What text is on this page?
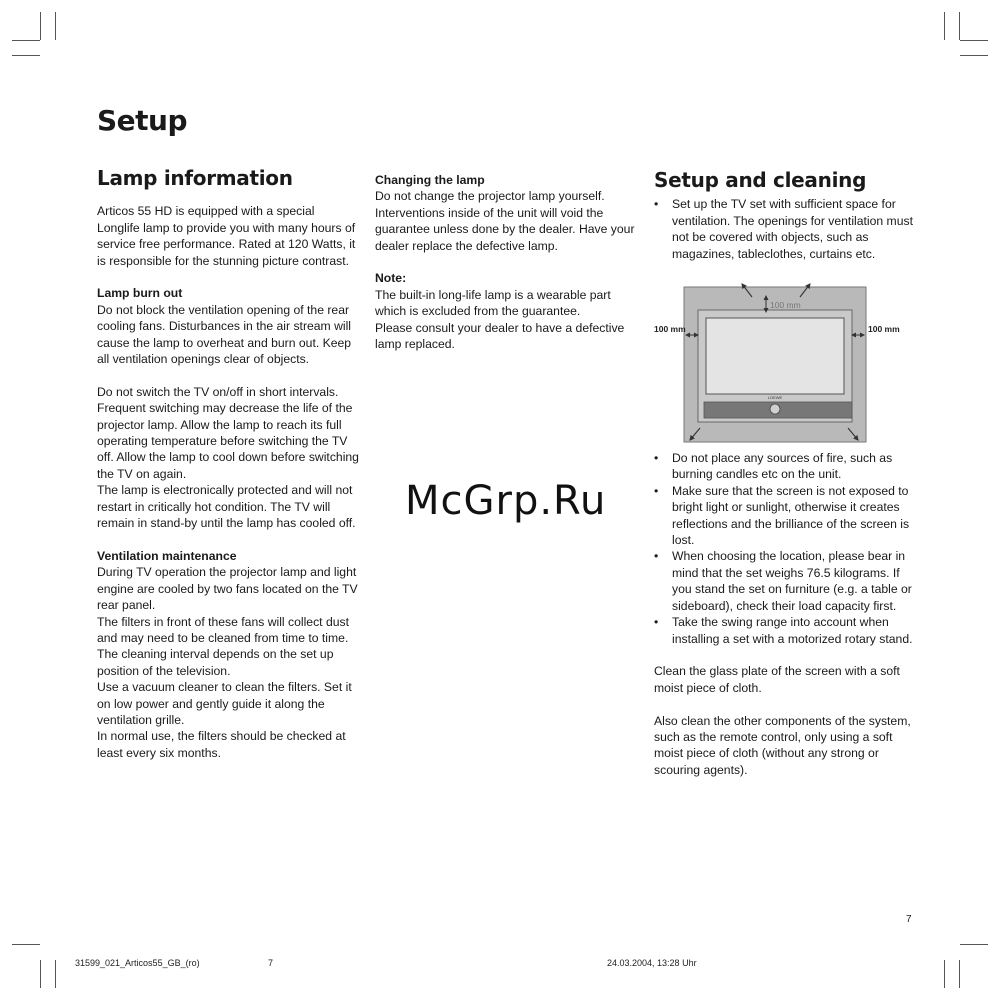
Setup
Lamp information

Articos 55 HD is equipped with a special Longlife lamp to provide you with many hours of service free performance. Rated at 120 Watts, it is responsible for the stunning picture contrast.

Lamp burn out

Do not block the ventilation opening of the rear cooling fans. Disturbances in the air stream will cause the lamp to overheat and burn out. Keep all ventilation openings clear of objects.

Do not switch the TV on/off in short intervals. Frequent switching may decrease the life of the projector lamp. Allow the lamp to reach its full operating temperature before switching the TV off. Allow the lamp to cool down before switching the TV on again.

The lamp is electronically protected and will not restart in critically hot condition. The TV will remain in stand-by until the lamp has cooled off.

Ventilation maintenance

During TV operation the projector lamp and light engine are cooled by two fans located on the TV rear panel.

The filters in front of these fans will collect dust and may need to be cleaned from time to time. The cleaning interval depends on the set up position of the television.

Use a vacuum cleaner to clean the filters. Set it on low power and gently guide it along the ventilation grille.

In normal use, the filters should be checked at least every six months.

Changing the lamp

Do not change the projector lamp yourself. Interventions inside of the unit will void the guarantee unless done by the dealer. Have your dealer replace the defective lamp.

Note:

The built-in long-life lamp is a wearable part which is excluded from the guarantee.

Please consult your dealer to have a defective lamp replaced.

Setup and cleaning
• Set up the TV set with sufficient space for ventilation. The openings for ventilation must not be covered with objects, such as magazines, tableclothes, curtains etc.
• Do not place any sources of fire, such as burning candles etc on the unit.
• Make sure that the screen is not exposed to bright light or sunlight, otherwise it creates reflections and the brilliance of the screen is lost.
• When choosing the location, please bear in mind that the set weighs 76.5 kilograms. If you stand the set on furniture (e.g. a table or sideboard), check their load capacity first.
• Take the swing range into account when installing a set with a motorized rotary stand.

Clean the glass plate of the screen with a soft moist piece of cloth.

Also clean the other components of the system, such as the remote control, only using a soft moist piece of cloth (without any strong or scouring agents).

LOEWE
100 mm
100 mm	100 mm
McGrp.Ru
7
31599_021_Articos55_GB_(ro)	7	24.03.2004, 13:28 Uhr
